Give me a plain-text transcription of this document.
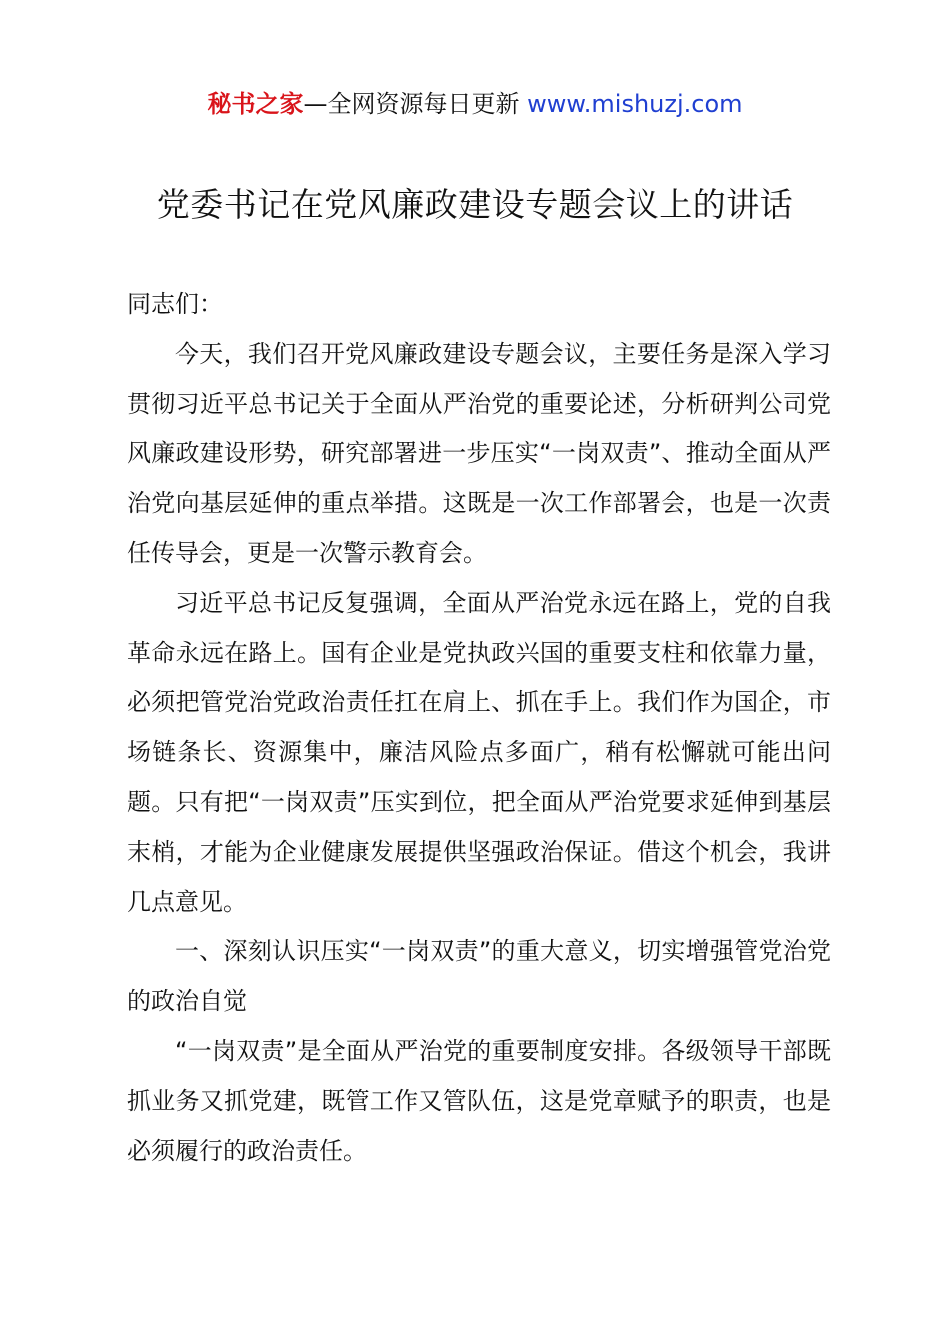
秘书之家—全网资源每日更新 www.mishuzj.com
党委书记在党风廉政建设专题会议上的讲话

同志们：

今天，我们召开党风廉政建设专题会议，主要任务是深入学习贯彻习近平总书记关于全面从严治党的重要论述，分析研判公司党风廉政建设形势，研究部署进一步压实“一岗双责”、推动全面从严治党向基层延伸的重点举措。这既是一次工作部署会，也是一次责任传导会，更是一次警示教育会。

习近平总书记反复强调，全面从严治党永远在路上，党的自我革命永远在路上。国有企业是党执政兴国的重要支柱和依靠力量，必须把管党治党政治责任扛在肩上、抓在手上。我们作为国企，市场链条长、资源集中，廉洁风险点多面广，稍有松懈就可能出问题。只有把“一岗双责”压实到位，把全面从严治党要求延伸到基层末梢，才能为企业健康发展提供坚强政治保证。借这个机会，我讲几点意见。

一、深刻认识压实“一岗双责”的重大意义，切实增强管党治党的政治自觉

“一岗双责”是全面从严治党的重要制度安排。各级领导干部既抓业务又抓党建，既管工作又管队伍，这是党章赋予的职责，也是必须履行的政治责任。
